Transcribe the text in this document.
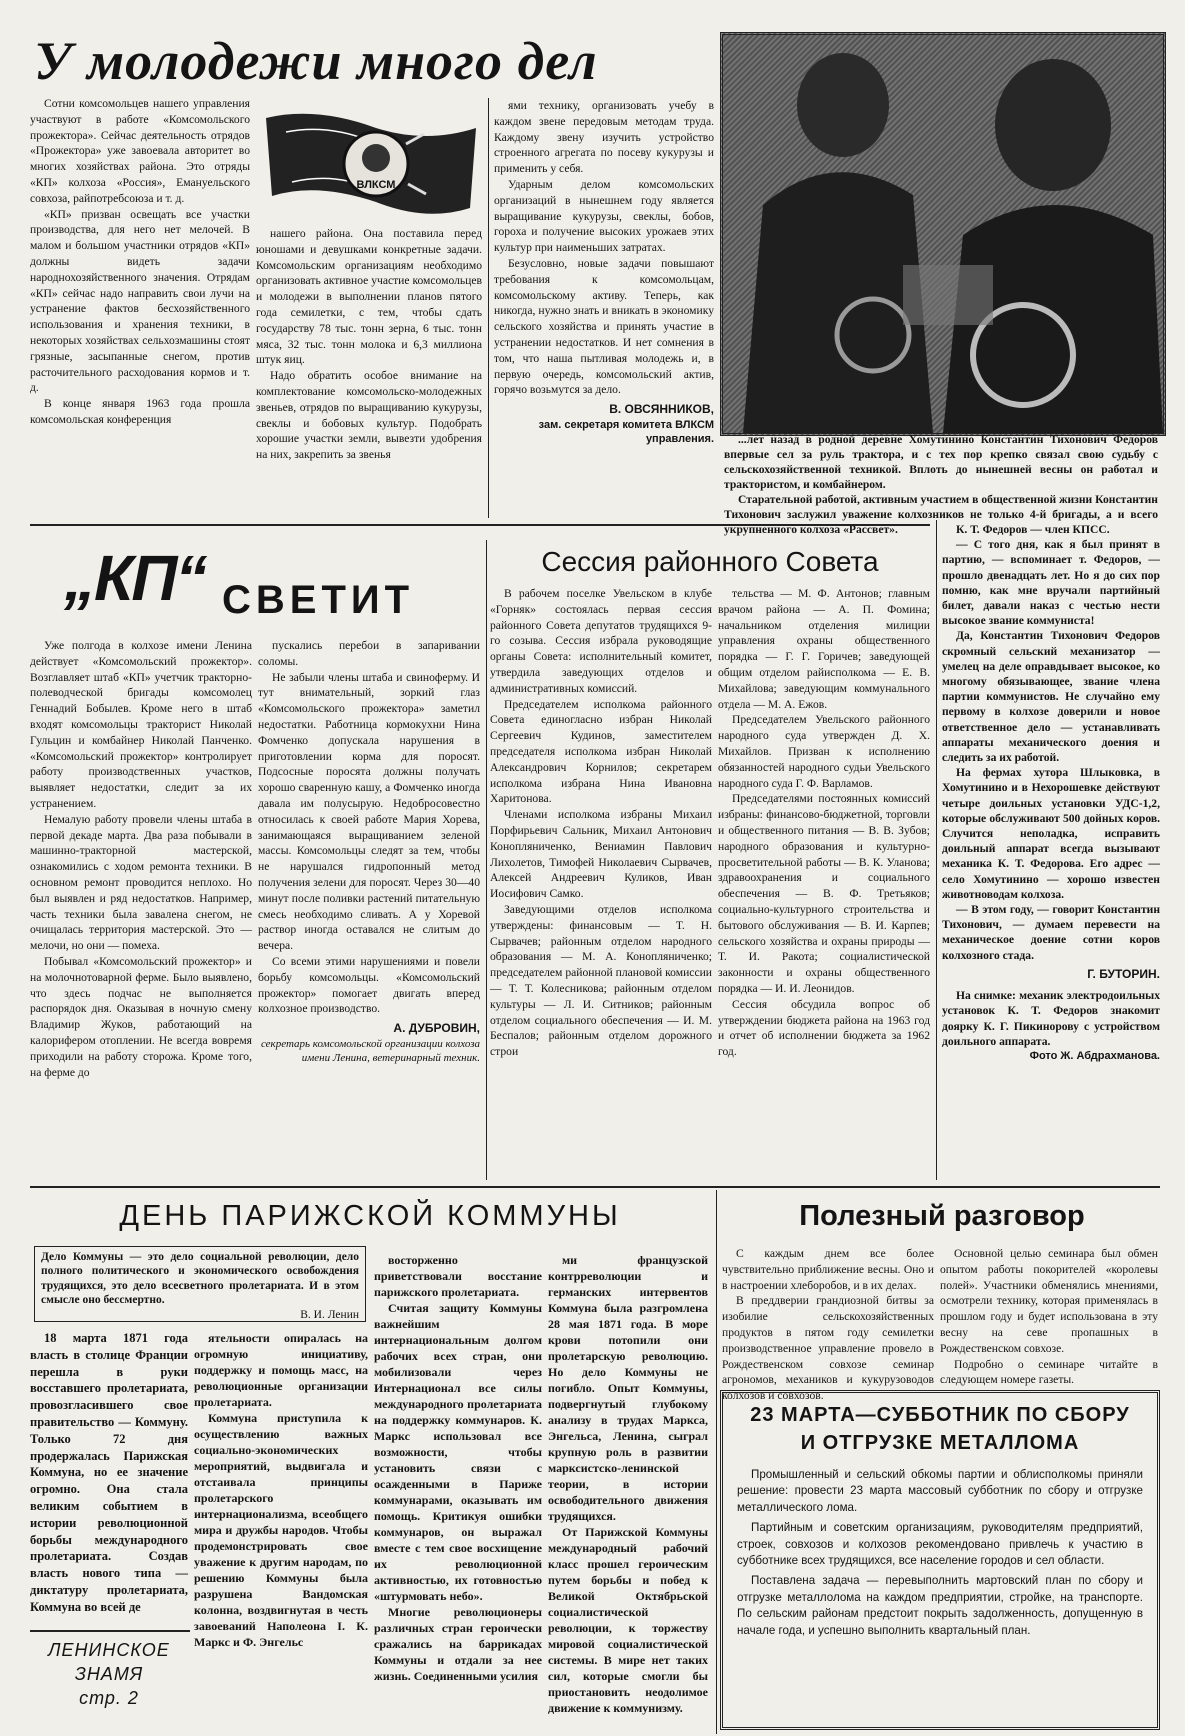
У молодежи много дел

Сотни комсомольцев нашего управления участвуют в работе «Комсомольского прожектора». Сейчас деятельность отрядов «Прожектора» уже завоевала авторитет во многих хозяйствах района. Это отряды «КП» колхоза «Россия», Емануельского совхоза, райпотребсоюза и т. д.

«КП» призван освещать все участки производства, для него нет мелочей. В малом и большом участники отрядов «КП» должны видеть задачи народнохозяйственного значения. Отрядам «КП» сейчас надо направить свои лучи на устранение фактов бесхозяйственного использования и хранения техники, в некоторых хозяйствах сельхозмашины стоят грязные, засыпанные снегом, против расточительного расходования кормов и т. д.

В конце января 1963 года прошла комсомольская конференция

ВЛКСМ

нашего района. Она поставила перед юношами и девушками конкретные задачи. Комсомольским организациям необходимо организовать активное участие комсомольцев и молодежи в выполнении планов пятого года семилетки, с тем, чтобы сдать государству 78 тыс. тонн зерна, 6 тыс. тонн мяса, 32 тыс. тонн молока и 6,3 миллиона штук яиц.

Надо обратить особое внимание на комплектование комсомольско-молодежных звеньев, отрядов по выращиванию кукурузы, свеклы и бобовых культур. Подобрать хорошие участки земли, вывезти удобрения на них, закрепить за звенья

ями технику, организовать учебу в каждом звене передовым методам труда. Каждому звену изучить устройство строенного агрегата по посеву кукурузы и применить у себя.

Ударным делом комсомольских организаций в нынешнем году является выращивание кукурузы, свеклы, бобов, гороха и получение высоких урожаев этих культур при наименьших затратах.

Безусловно, новые задачи повышают требования к комсомольцам, комсомольскому активу. Теперь, как никогда, нужно знать и вникать в экономику сельского хозяйства и принять участие в устранении недостатков. И нет сомнения в том, что наша пытливая молодежь и, в первую очередь, комсомольский актив, горячо возьмутся за дело.

В. ОВСЯННИКОВ,
зам. секретаря комитета ВЛКСМ управления.	...лет назад в родной деревне Хомутинино Константин Тихонович Федоров впервые сел за руль трактора, и с тех пор крепко связал свою судьбу с сельскохозяйственной техникой. Вплоть до нынешней весны он работал и трактористом, и комбайнером.

Старательной работой, активным участием в общественной жизни Константин Тихонович заслужил уважение колхозников не только 4-й бригады, а и всего укрупненного колхоза «Рассвет».

„КП“ СВЕТИТ

Уже полгода в колхозе имени Ленина действует «Комсомольский прожектор». Возглавляет штаб «КП» учетчик тракторно-полеводческой бригады комсомолец Геннадий Бобылев. Кроме него в штаб входят комсомольцы тракторист Николай Гульцин и комбайнер Николай Панченко. «Комсомольский прожектор» контролирует работу производственных участков, выявляет недостатки, следит за их устранением.

Немалую работу провели члены штаба в первой декаде марта. Два раза побывали в машинно-тракторной мастерской, ознакомились с ходом ремонта техники. В основном ремонт проводится неплохо. Но был выявлен и ряд недостатков. Например, часть техники была завалена снегом, не очищалась территория мастерской. Это — мелочи, но они — помеха.

Побывал «Комсомольский прожектор» и на молочнотоварной ферме. Было выявлено, что здесь подчас не выполняется распорядок дня. Оказывая в ночную смену Владимир Жуков, работающий на калорифером отоплении. Не всегда вовремя приходили на работу сторожа. Кроме того, на ферме до

пускались перебои в запаривании соломы.

Не забыли члены штаба и свиноферму. И тут внимательный, зоркий глаз «Комсомольского прожектора» заметил недостатки. Работница кормокухни Нина Фомченко допускала нарушения в приготовлении корма для поросят. Подсосные поросята должны получать хорошо сваренную кашу, а Фомченко иногда давала им полусырую. Недобросовестно относилась к своей работе Мария Хорева, занимающаяся выращиванием зеленой массы. Комсомольцы следят за тем, чтобы не нарушался гидропонный метод получения зелени для поросят. Через 30—40 минут после поливки растений питательную смесь необходимо сливать. А у Хоревой раствор иногда оставался не слитым до вечера.

Со всеми этими нарушениями и повели борьбу комсомольцы. «Комсомольский прожектор» помогает двигать вперед колхозное производство.

А. ДУБРОВИН,
секретарь комсомольской организации колхоза имени Ленина, ветеринарный техник.
Сессия районного Совета

В рабочем поселке Увельском в клубе «Горняк» состоялась первая сессия районного Совета депутатов трудящихся 9-го созыва. Сессия избрала руководящие органы Совета: исполнительный комитет, утвердила заведующих отделов и административных комиссий.

Председателем исполкома районного Совета единогласно избран Николай Сергеевич Кудинов, заместителем председателя исполкома избран Николай Александрович Корнилов; секретарем исполкома избрана Нина Ивановна Харитонова.

Членами исполкома избраны Михаил Порфирьевич Сальник, Михаил Антонович Конопляниченко, Вениамин Павлович Лихолетов, Тимофей Николаевич Сырвачев, Алексей Андреевич Куликов, Иван Иосифович Самко.

Заведующими отделов исполкома утверждены: финансовым — Т. Н. Сырвачев; районным отделом народного образования — М. А. Конопляниченко; председателем районной плановой комиссии — Т. Т. Колесникова; районным отделом культуры — Л. И. Ситников; районным отделом социального обеспечения — И. М. Беспалов; районным отделом дорожного строи

тельства — М. Ф. Антонов; главным врачом района — А. П. Фомина; начальником отделения милиции управления охраны общественного порядка — Г. Г. Горичев; заведующей общим отделом райисполкома — Е. В. Михайлова; заведующим коммунального отдела — М. А. Ежов.

Председателем Увельского районного народного суда утвержден Д. Х. Михайлов. Призван к исполнению обязанностей народного судьи Увельского народного суда Г. Ф. Варламов.

Председателями постоянных комиссий избраны: финансово-бюджетной, торговли и общественного питания — В. В. Зубов; народного образования и культурно-просветительной работы — В. К. Уланова; здравоохранения и социального обеспечения — В. Ф. Третьяков; социально-культурного строительства и бытового обслуживания — В. И. Карпев; сельского хозяйства и охраны природы — Т. И. Ракота; социалистической законности и охраны общественного порядка — И. И. Леонидов.

Сессия обсудила вопрос об утверждении бюджета района на 1963 год и отчет об исполнении бюджета за 1962 год.

К. Т. Федоров — член КПСС.

— С того дня, как я был принят в партию, — вспоминает т. Федоров, — прошло двенадцать лет. Но я до сих пор помню, как мне вручали партийный билет, давали наказ с честью нести высокое звание коммуниста!

Да, Константин Тихонович Федоров скромный сельский механизатор — умелец на деле оправдывает высокое, ко многому обязывающее, звание члена партии коммунистов. Не случайно ему первому в колхозе доверили и новое ответственное дело — устанавливать аппараты механического доения и следить за их работой.

На фермах хутора Шлыковка, в Хомутинино и в Нехорошевке действуют четыре доильных установки УДС-1,2, которые обслуживают 500 дойных коров. Случится неполадка, исправить доильный аппарат всегда вызывают механика К. Т. Федорова. Его адрес — село Хомутинино — хорошо известен животноводам колхоза.

— В этом году, — говорит Константин Тихонович, — думаем перевести на механическое доение сотни коров колхозного стада.

Г. БУТОРИН.

На снимке: механик электродоильных установок К. Т. Федоров знакомит доярку К. Г. Пикинорову с устройством доильного аппарата.

Фото Ж. Абдрахманова.
ДЕНЬ ПАРИЖСКОЙ КОММУНЫ
Дело Коммуны — это дело социальной революции, дело полного политического и экономического освобождения трудящихся, это дело всесветного пролетариата. И в этом смысле оно бессмертно.
В. И. Ленин

18 марта 1871 года власть в столице Франции перешла в руки восставшего пролетариата, провозгласившего свое правительство — Коммуну. Только 72 дня продержалась Парижская Коммуна, но ее значение огромно. Она стала великим событием в истории революционной борьбы международного пролетариата. Создав власть нового типа — диктатуру пролетариата, Коммуна во всей де

ятельности опиралась на огромную инициативу, поддержку и помощь масс, на революционные организации пролетариата.

Коммуна приступила к осуществлению важных социально-экономических мероприятий, выдвигала и отстаивала принципы пролетарского интернационализма, всеобщего мира и дружбы народов. Чтобы продемонстрировать свое уважение к другим народам, по решению Коммуны была разрушена Вандомская колонна, воздвигнутая в честь завоеваний Наполеона I. К. Маркс и Ф. Энгельс

восторженно приветствовали восстание парижского пролетариата.

Считая защиту Коммуны важнейшим интернациональным долгом рабочих всех стран, они мобилизовали через Интернационал все силы международного пролетариата на поддержку коммунаров. К. Маркс использовал все возможности, чтобы установить связи с осажденными в Париже коммунарами, оказывать им помощь. Критикуя ошибки коммунаров, он выражал вместе с тем свое восхищение их революционной активностью, их готовностью «штурмовать небо».

Многие революционеры различных стран героически сражались на баррикадах Коммуны и отдали за нее жизнь. Соединенными усилия

ми французской контрреволюции и германских интервентов Коммуна была разгромлена 28 мая 1871 года. В море крови потопили они пролетарскую революцию. Но дело Коммуны не погибло. Опыт Коммуны, подвергнутый глубокому анализу в трудах Маркса, Энгельса, Ленина, сыграл крупную роль в развитии марксистско-ленинской теории, в истории освободительного движения трудящихся.

От Парижской Коммуны международный рабочий класс прошел героическим путем борьбы и побед к Великой Октябрьской социалистической революции, к торжеству мировой социалистической системы. В мире нет таких сил, которые смогли бы приостановить неодолимое движение к коммунизму.

ЛЕНИНСКОЕ
ЗНАМЯ
стр. 2
Полезный разговор

С каждым днем все более чувствительно приближение весны. Оно и в настроении хлеборобов, и в их делах.

В преддверии грандиозной битвы за изобилие сельскохозяйственных продуктов в пятом году семилетки производственное управление провело в Рождественском совхозе семинар агрономов, механиков и кукурузоводов колхозов и совхозов.

Основной целью семинара был обмен опытом работы покорителей «королевы полей». Участники обменялись мнениями, осмотрели технику, которая применялась в прошлом году и будет использована в эту весну на севе пропашных в Рождественском совхозе.

Подробно о семинаре читайте в следующем номере газеты.

23 МАРТА—СУББОТНИК ПО СБОРУ
И ОТГРУЗКЕ МЕТАЛЛОМА

Промышленный и сельский обкомы партии и облисполкомы приняли решение: провести 23 марта массовый субботник по сбору и отгрузке металлического лома.

Партийным и советским организациям, руководителям предприятий, строек, совхозов и колхозов рекомендовано привлечь к участию в субботнике всех трудящихся, все население городов и сел области.

Поставлена задача — перевыполнить мартовский план по сбору и отгрузке металлолома на каждом предприятии, стройке, на транспорте. По сельским районам предстоит покрыть задолженность, допущенную в начале года, и успешно выполнить квартальный план.
